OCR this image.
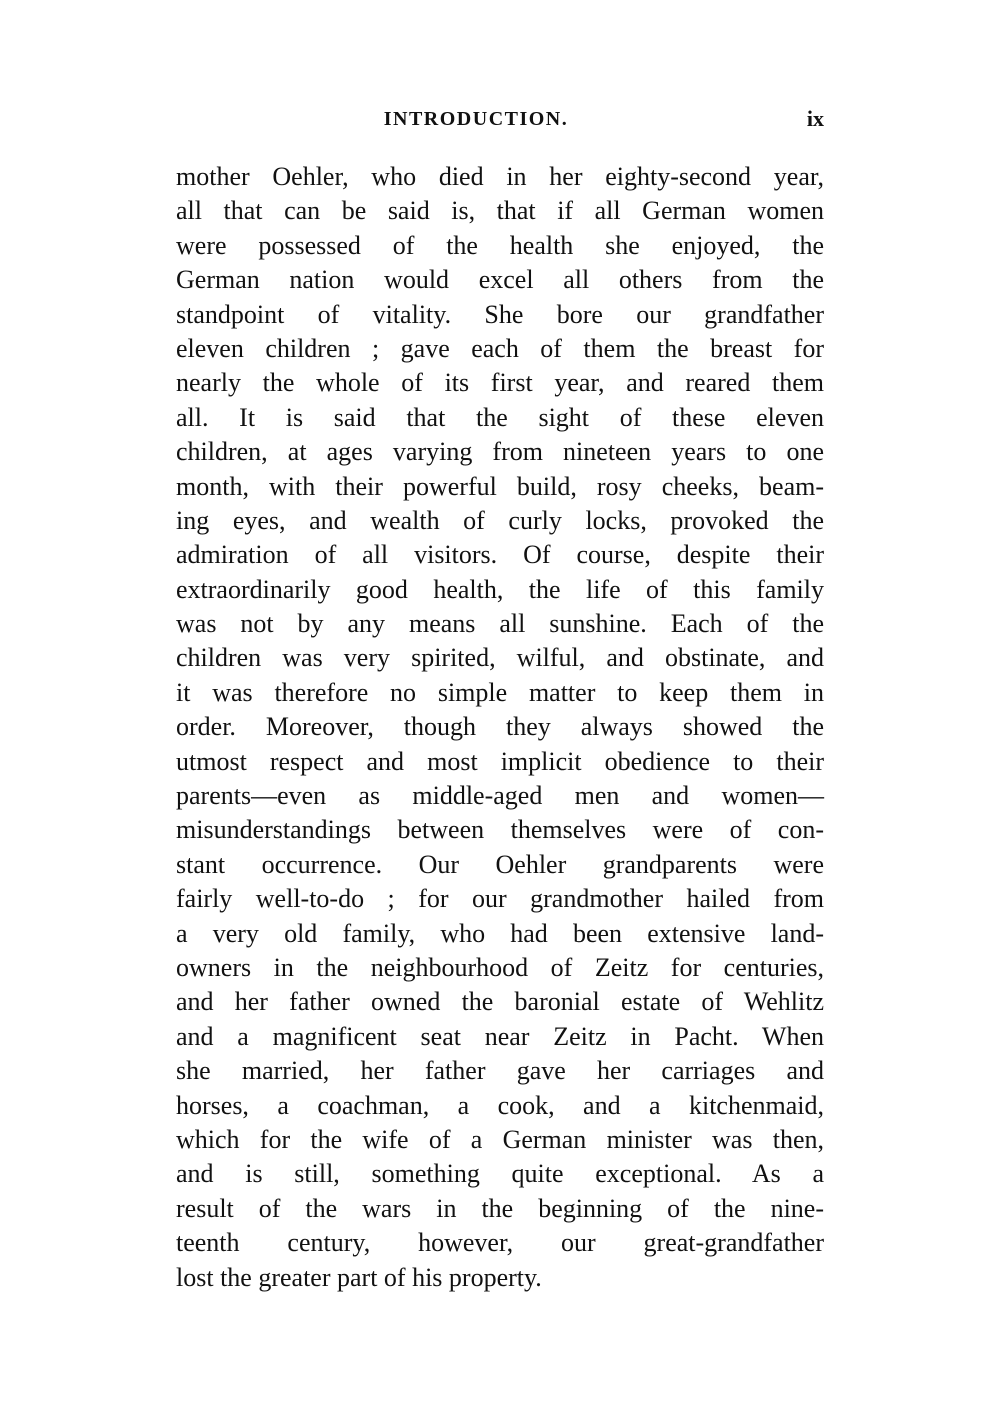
INTRODUCTION.	ix
mother Oehler, who died in her eighty-second year,
all that can be said is, that if all German women
were possessed of the health she enjoyed, the
German nation would excel all others from the
standpoint of vitality. She bore our grandfather
eleven children ; gave each of them the breast for
nearly the whole of its first year, and reared them
all. It is said that the sight of these eleven
children, at ages varying from nineteen years to one
month, with their powerful build, rosy cheeks, beam-
ing eyes, and wealth of curly locks, provoked the
admiration of all visitors. Of course, despite their
extraordinarily good health, the life of this family
was not by any means all sunshine. Each of the
children was very spirited, wilful, and obstinate, and
it was therefore no simple matter to keep them in
order. Moreover, though they always showed the
utmost respect and most implicit obedience to their
parents—even as middle-aged men and women—
misunderstandings between themselves were of con-
stant occurrence. Our Oehler grandparents were
fairly well-to-do ; for our grandmother hailed from
a very old family, who had been extensive land-
owners in the neighbourhood of Zeitz for centuries,
and her father owned the baronial estate of Wehlitz
and a magnificent seat near Zeitz in Pacht. When
she married, her father gave her carriages and
horses, a coachman, a cook, and a kitchenmaid,
which for the wife of a German minister was then,
and is still, something quite exceptional. As a
result of the wars in the beginning of the nine-
teenth century, however, our great-grandfather
lost the greater part of his property.
